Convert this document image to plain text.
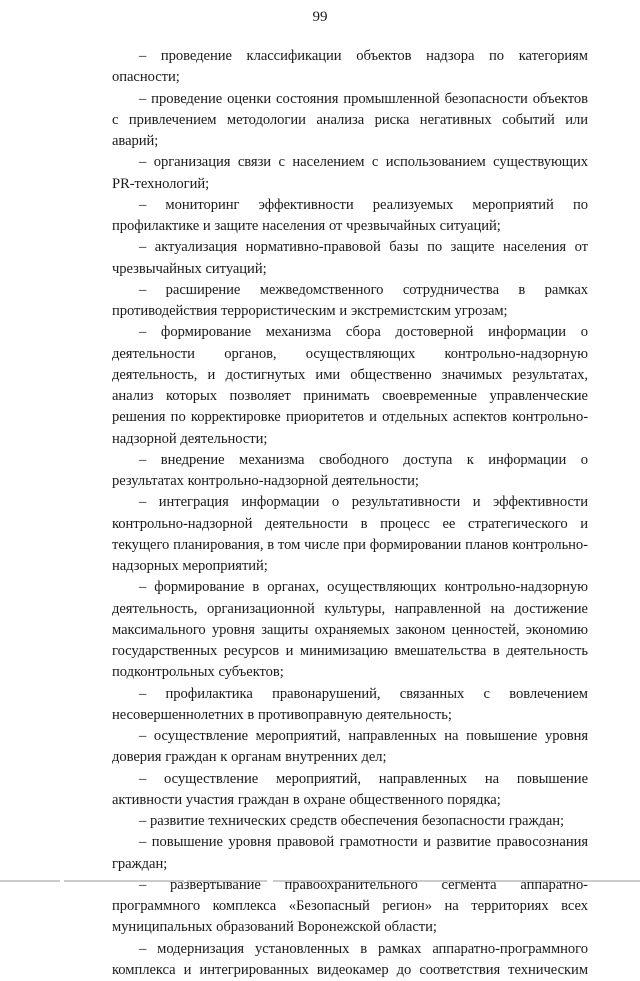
99

– проведение классификации объектов надзора по категориям опасности;

– проведение оценки состояния промышленной безопасности объектов с привлечением методологии анализа риска негативных событий или аварий;

– организация связи с населением с использованием существующих PR-технологий;

– мониторинг эффективности реализуемых мероприятий по профилактике и защите населения от чрезвычайных ситуаций;

– актуализация нормативно-правовой базы по защите населения от чрезвычайных ситуаций;

– расширение межведомственного сотрудничества в рамках противодействия террористическим и экстремистским угрозам;

– формирование механизма сбора достоверной информации о деятельности органов, осуществляющих контрольно-надзорную деятельность, и достигнутых ими общественно значимых результатах, анализ которых позволяет принимать своевременные управленческие решения по корректировке приоритетов и отдельных аспектов контрольно-надзорной деятельности;

– внедрение механизма свободного доступа к информации о результатах контрольно-надзорной деятельности;

– интеграция информации о результативности и эффективности контрольно-надзорной деятельности в процесс ее стратегического и текущего планирования, в том числе при формировании планов контрольно-надзорных мероприятий;

– формирование в органах, осуществляющих контрольно-надзорную деятельность, организационной культуры, направленной на достижение максимального уровня защиты охраняемых законом ценностей, экономию государственных ресурсов и минимизацию вмешательства в деятельность подконтрольных субъектов;

– профилактика правонарушений, связанных с вовлечением несовершеннолетних в противоправную деятельность;

– осуществление мероприятий, направленных на повышение уровня доверия граждан к органам внутренних дел;

– осуществление мероприятий, направленных на повышение активности участия граждан в охране общественного порядка;

– развитие технических средств обеспечения безопасности граждан;

– повышение уровня правовой грамотности и развитие правосознания граждан;

– развертывание правоохранительного сегмента аппаратно-программного комплекса «Безопасный регион» на территориях всех муниципальных образований Воронежской области;

– модернизация установленных в рамках аппаратно-программного комплекса и интегрированных видеокамер до соответствия техническим
